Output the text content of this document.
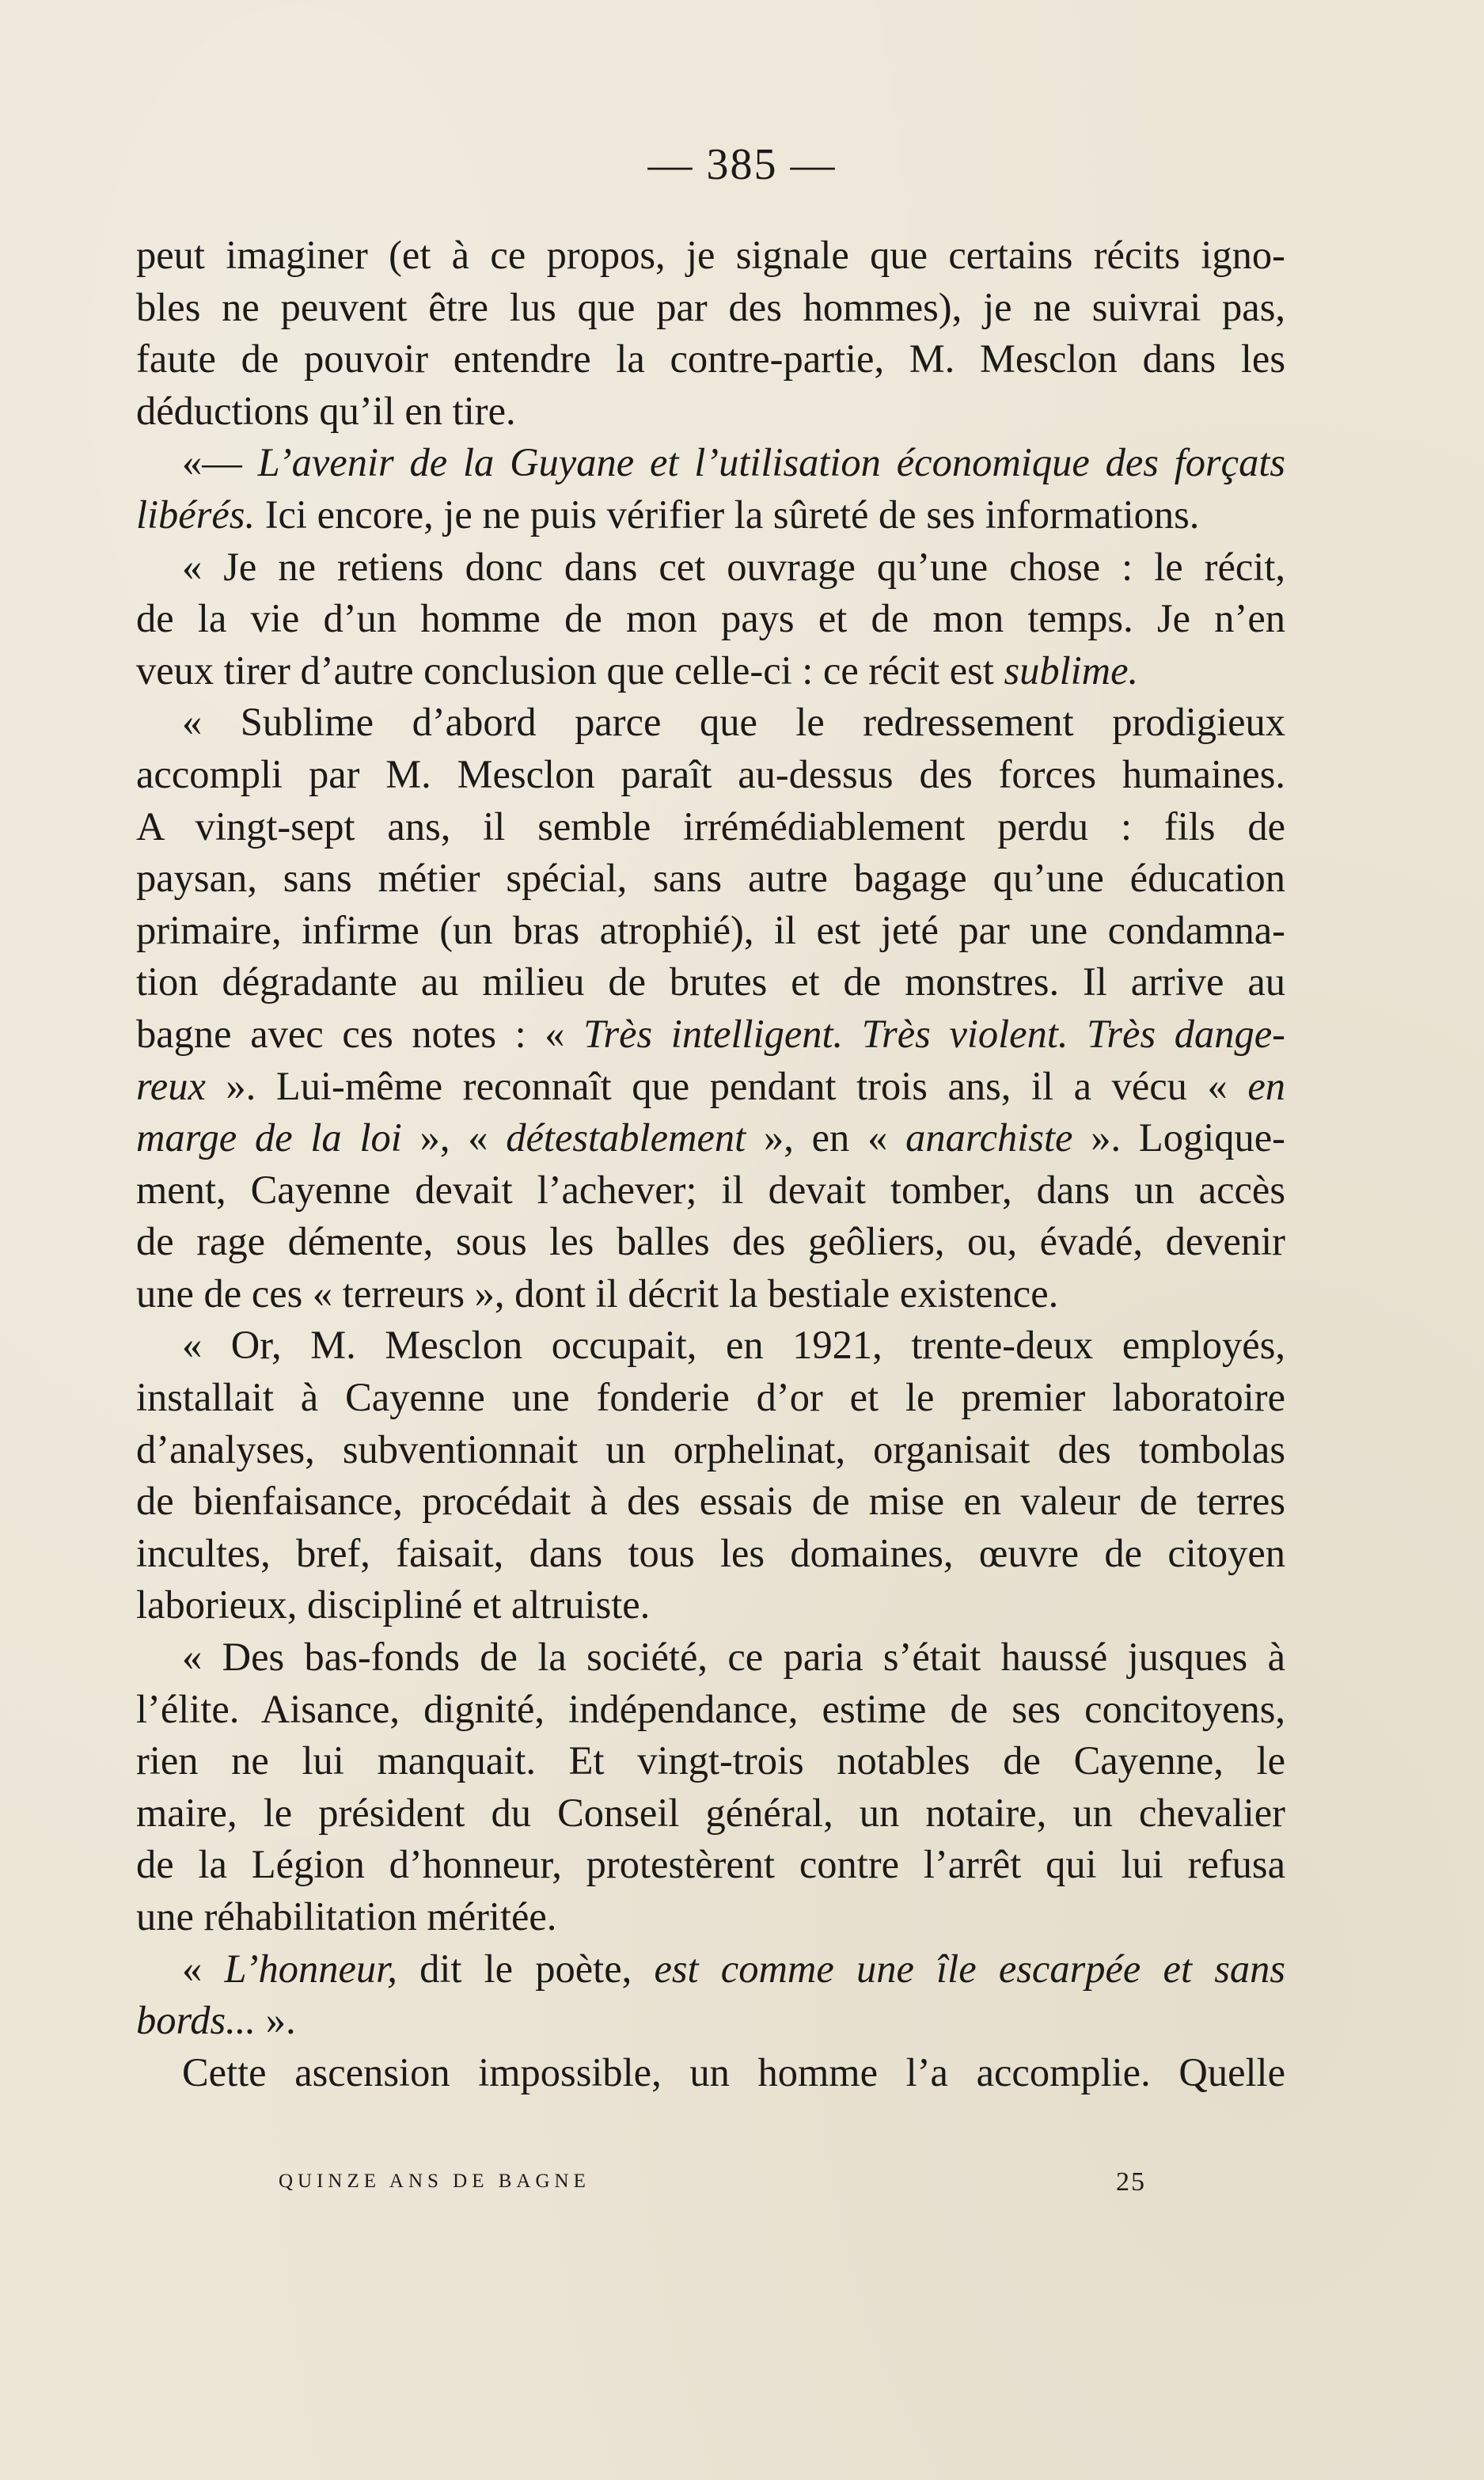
— 385 —

peut imaginer (et à ce propos, je signale que certains récits igno-
bles ne peuvent être lus que par des hommes), je ne suivrai pas,
faute de pouvoir entendre la contre-partie, M. Mesclon dans les
déductions qu’il en tire.

«— L’avenir de la Guyane et l’utilisation économique des forçats
libérés. Ici encore, je ne puis vérifier la sûreté de ses informations.

« Je ne retiens donc dans cet ouvrage qu’une chose : le récit,
de la vie d’un homme de mon pays et de mon temps. Je n’en
veux tirer d’autre conclusion que celle-ci : ce récit est sublime.

« Sublime d’abord parce que le redressement prodigieux
accompli par M. Mesclon paraît au-dessus des forces humaines.
A vingt-sept ans, il semble irrémédiablement perdu : fils de
paysan, sans métier spécial, sans autre bagage qu’une éducation
primaire, infirme (un bras atrophié), il est jeté par une condamna-
tion dégradante au milieu de brutes et de monstres. Il arrive au
bagne avec ces notes : « Très intelligent. Très violent. Très dange-
reux ». Lui-même reconnaît que pendant trois ans, il a vécu « en
marge de la loi », « détestablement », en « anarchiste ». Logique-
ment, Cayenne devait l’achever; il devait tomber, dans un accès
de rage démente, sous les balles des geôliers, ou, évadé, devenir
une de ces « terreurs », dont il décrit la bestiale existence.

« Or, M. Mesclon occupait, en 1921, trente-deux employés,
installait à Cayenne une fonderie d’or et le premier laboratoire
d’analyses, subventionnait un orphelinat, organisait des tombolas
de bienfaisance, procédait à des essais de mise en valeur de terres
incultes, bref, faisait, dans tous les domaines, œuvre de citoyen
laborieux, discipliné et altruiste.

« Des bas-fonds de la société, ce paria s’était haussé jusques à
l’élite. Aisance, dignité, indépendance, estime de ses concitoyens,
rien ne lui manquait. Et vingt-trois notables de Cayenne, le
maire, le président du Conseil général, un notaire, un chevalier
de la Légion d’honneur, protestèrent contre l’arrêt qui lui refusa
une réhabilitation méritée.

« L’honneur, dit le poète, est comme une île escarpée et sans
bords... ».

Cette ascension impossible, un homme l’a accomplie. Quelle

QUINZE ANS DE BAGNE	25
